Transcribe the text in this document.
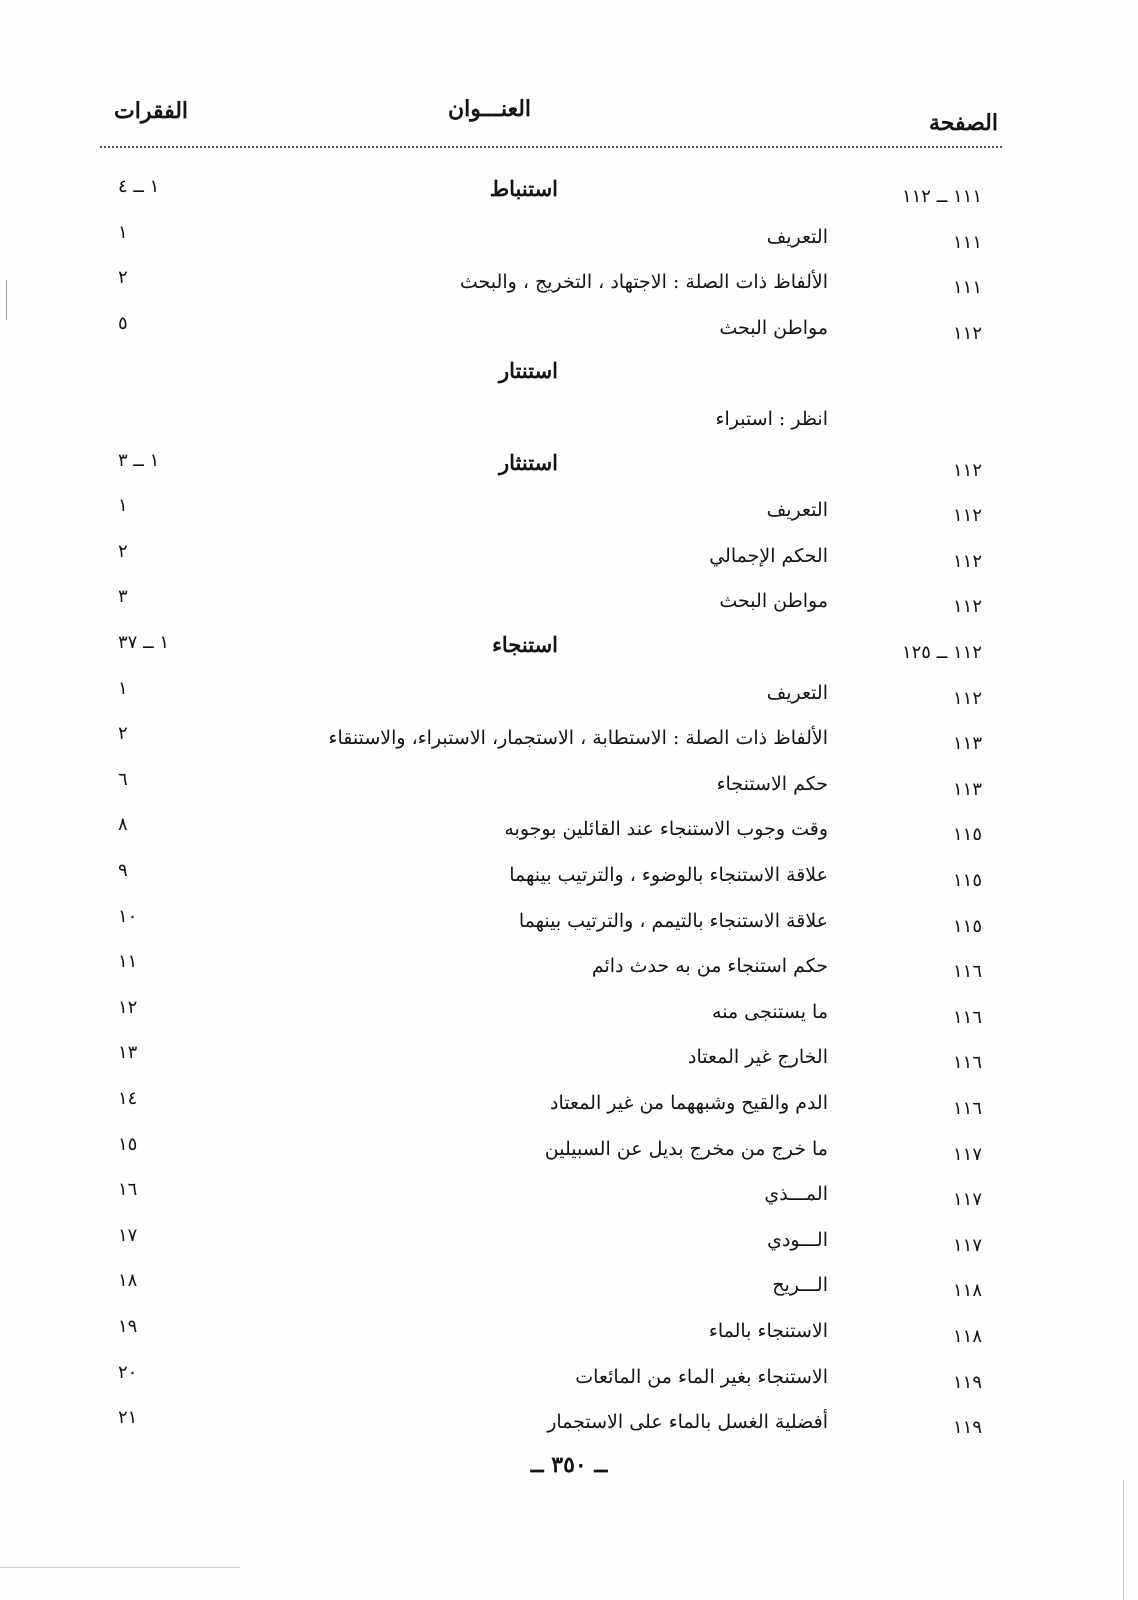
الصفحة
العنـــوان
الفقرات
١١١ ــ ١١٢
استنباط
١ ــ ٤
١١١
التعريف
١
١١١
الألفاظ ذات الصلة : الاجتهاد ، التخريج ، والبحث
٢
١١٢
مواطن البحث
٥
استنتار
انظر : استبراء
١١٢
استنثار
١ ــ ٣
١١٢
التعريف
١
١١٢
الحكم الإجمالي
٢
١١٢
مواطن البحث
٣
١١٢ ــ ١٢٥
استنجاء
١ ــ ٣٧
١١٢
التعريف
١
١١٣
الألفاظ ذات الصلة : الاستطابة ، الاستجمار، الاستبراء، والاستنقاء
٢
١١٣
حكم الاستنجاء
٦
١١٥
وقت وجوب الاستنجاء عند القائلين بوجوبه
٨
١١٥
علاقة الاستنجاء بالوضوء ، والترتيب بينهما
٩
١١٥
علاقة الاستنجاء بالتيمم ، والترتيب بينهما
١٠
١١٦
حكم استنجاء من به حدث دائم
١١
١١٦
ما يستنجى منه
١٢
١١٦
الخارج غير المعتاد
١٣
١١٦
الدم والقيح وشبههما من غير المعتاد
١٤
١١٧
ما خرج من مخرج بديل عن السبيلين
١٥
١١٧
المـــذي
١٦
١١٧
الـــودي
١٧
١١٨
الـــريح
١٨
١١٨
الاستنجاء بالماء
١٩
١١٩
الاستنجاء بغير الماء من المائعات
٢٠
١١٩
أفضلية الغسل بالماء على الاستجمار
٢١
ــ ٣٥٠ ــ
